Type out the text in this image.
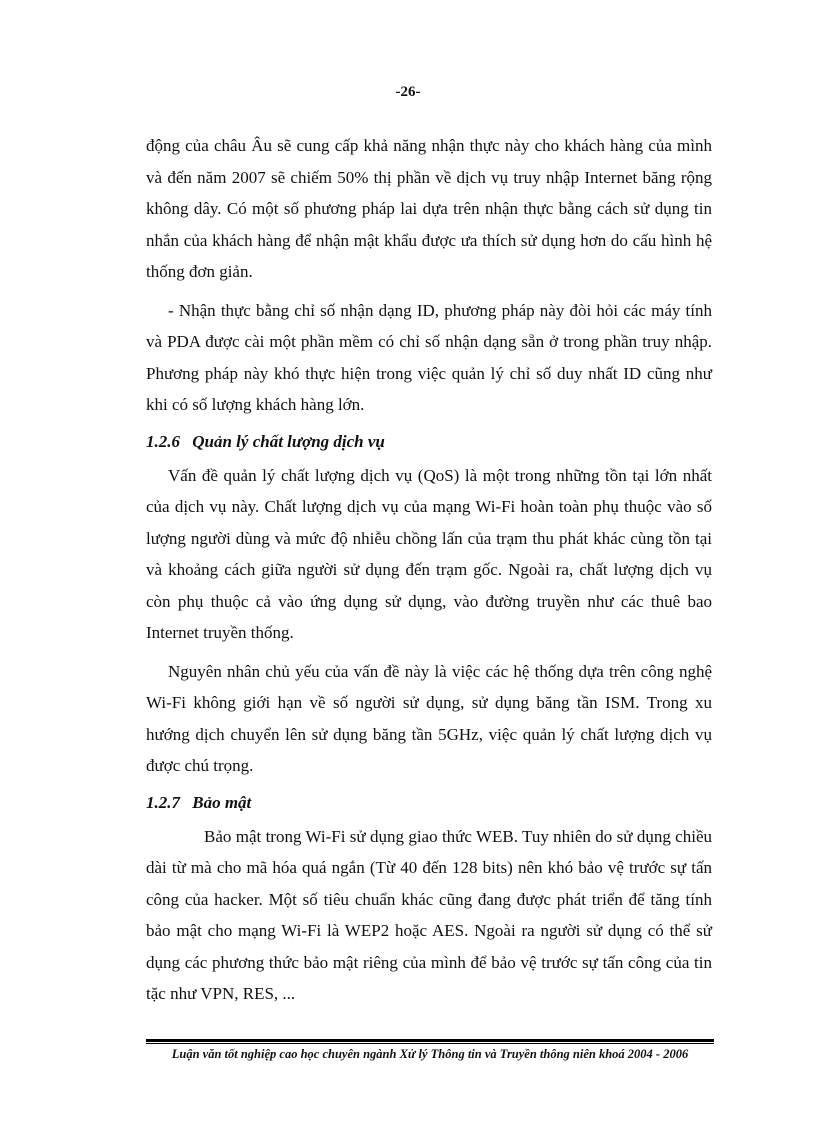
-26-

động của châu Âu sẽ cung cấp khả năng nhận thực này cho khách hàng của mình và đến năm 2007 sẽ chiếm 50% thị phần về dịch vụ truy nhập Internet băng rộng không dây. Có một số phương pháp lai dựa trên nhận thực bằng cách sử dụng tin nhắn của khách hàng để nhận mật khẩu được ưa thích sử dụng hơn do cấu hình hệ thống đơn giản.

- Nhận thực bằng chỉ số nhận dạng ID, phương pháp này đòi hỏi các máy tính và PDA được cài một phần mềm có chỉ số nhận dạng sẵn ở trong phần truy nhập. Phương pháp này khó thực hiện trong việc quản lý chỉ số duy nhất ID cũng như khi có số lượng khách hàng lớn.

1.2.6 Quản lý chất lượng dịch vụ

Vấn đề quản lý chất lượng dịch vụ (QoS) là một trong những tồn tại lớn nhất của dịch vụ này. Chất lượng dịch vụ của mạng Wi-Fi hoàn toàn phụ thuộc vào số lượng người dùng và mức độ nhiễu chồng lấn của trạm thu phát khác cùng tồn tại và khoảng cách giữa người sử dụng đến trạm gốc. Ngoài ra, chất lượng dịch vụ còn phụ thuộc cả vào ứng dụng sử dụng, vào đường truyền như các thuê bao Internet truyền thống.

Nguyên nhân chủ yếu của vấn đề này là việc các hệ thống dựa trên công nghệ Wi-Fi không giới hạn về số người sử dụng, sử dụng băng tần ISM. Trong xu hướng dịch chuyển lên sử dụng băng tần 5GHz, việc quản lý chất lượng dịch vụ được chú trọng.

1.2.7 Bảo mật

Bảo mật trong Wi-Fi sử dụng giao thức WEB. Tuy nhiên do sử dụng chiều dài từ mà cho mã hóa quá ngắn (Từ 40 đến 128 bits) nên khó bảo vệ trước sự tấn công của hacker. Một số tiêu chuẩn khác cũng đang được phát triển để tăng tính bảo mật cho mạng Wi-Fi là WEP2 hoặc AES. Ngoài ra người sử dụng có thể sử dụng các phương thức bảo mật riêng của mình để bảo vệ trước sự tấn công của tin tặc như VPN, RES, ...

Luận văn tốt nghiệp cao học chuyên ngành Xử lý Thông tin và Truyền thông niên khoá 2004 - 2006
